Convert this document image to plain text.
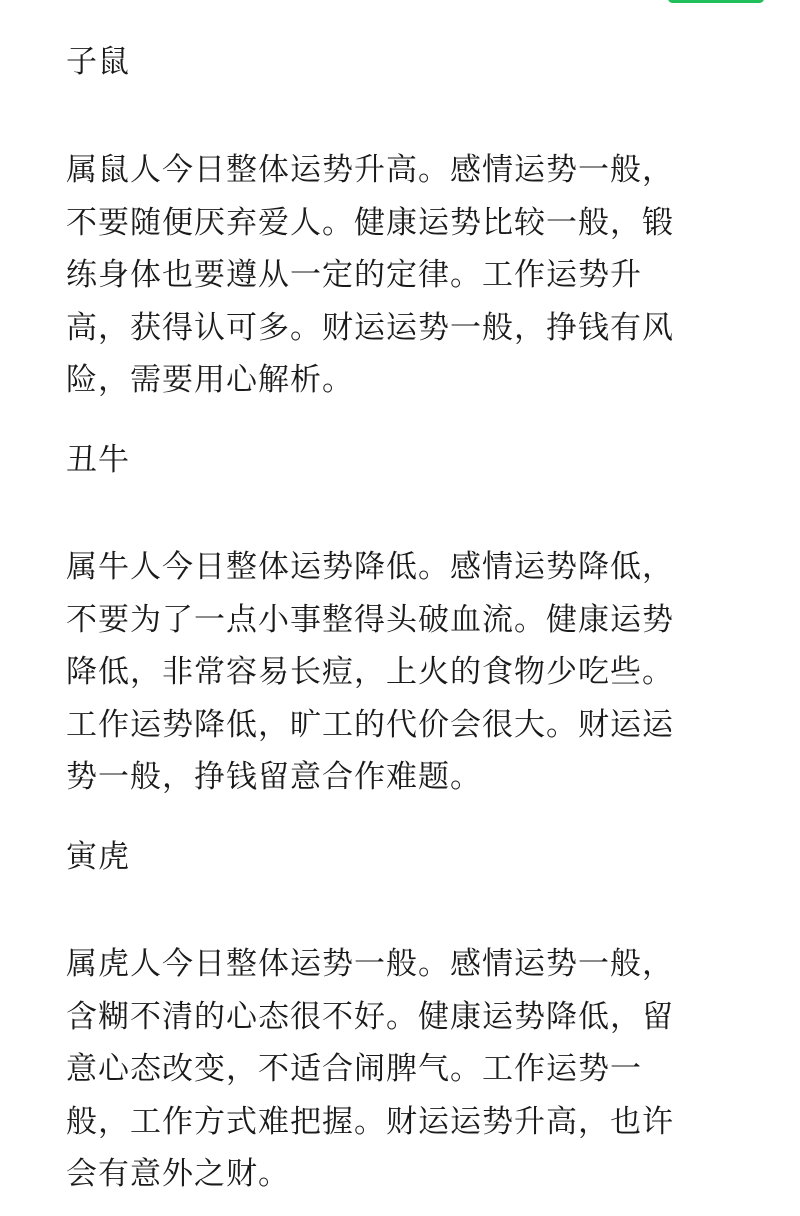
子鼠
属鼠人今日整体运势升高。感情运势一般，
不要随便厌弃爱人。健康运势比较一般，锻
练身体也要遵从一定的定律。工作运势升
高，获得认可多。财运运势一般，挣钱有风
险，需要用心解析。
丑牛
属牛人今日整体运势降低。感情运势降低，
不要为了一点小事整得头破血流。健康运势
降低，非常容易长痘，上火的食物少吃些。
工作运势降低，旷工的代价会很大。财运运
势一般，挣钱留意合作难题。
寅虎
属虎人今日整体运势一般。感情运势一般，
含糊不清的心态很不好。健康运势降低，留
意心态改变，不适合闹脾气。工作运势一
般，工作方式难把握。财运运势升高，也许
会有意外之财。
